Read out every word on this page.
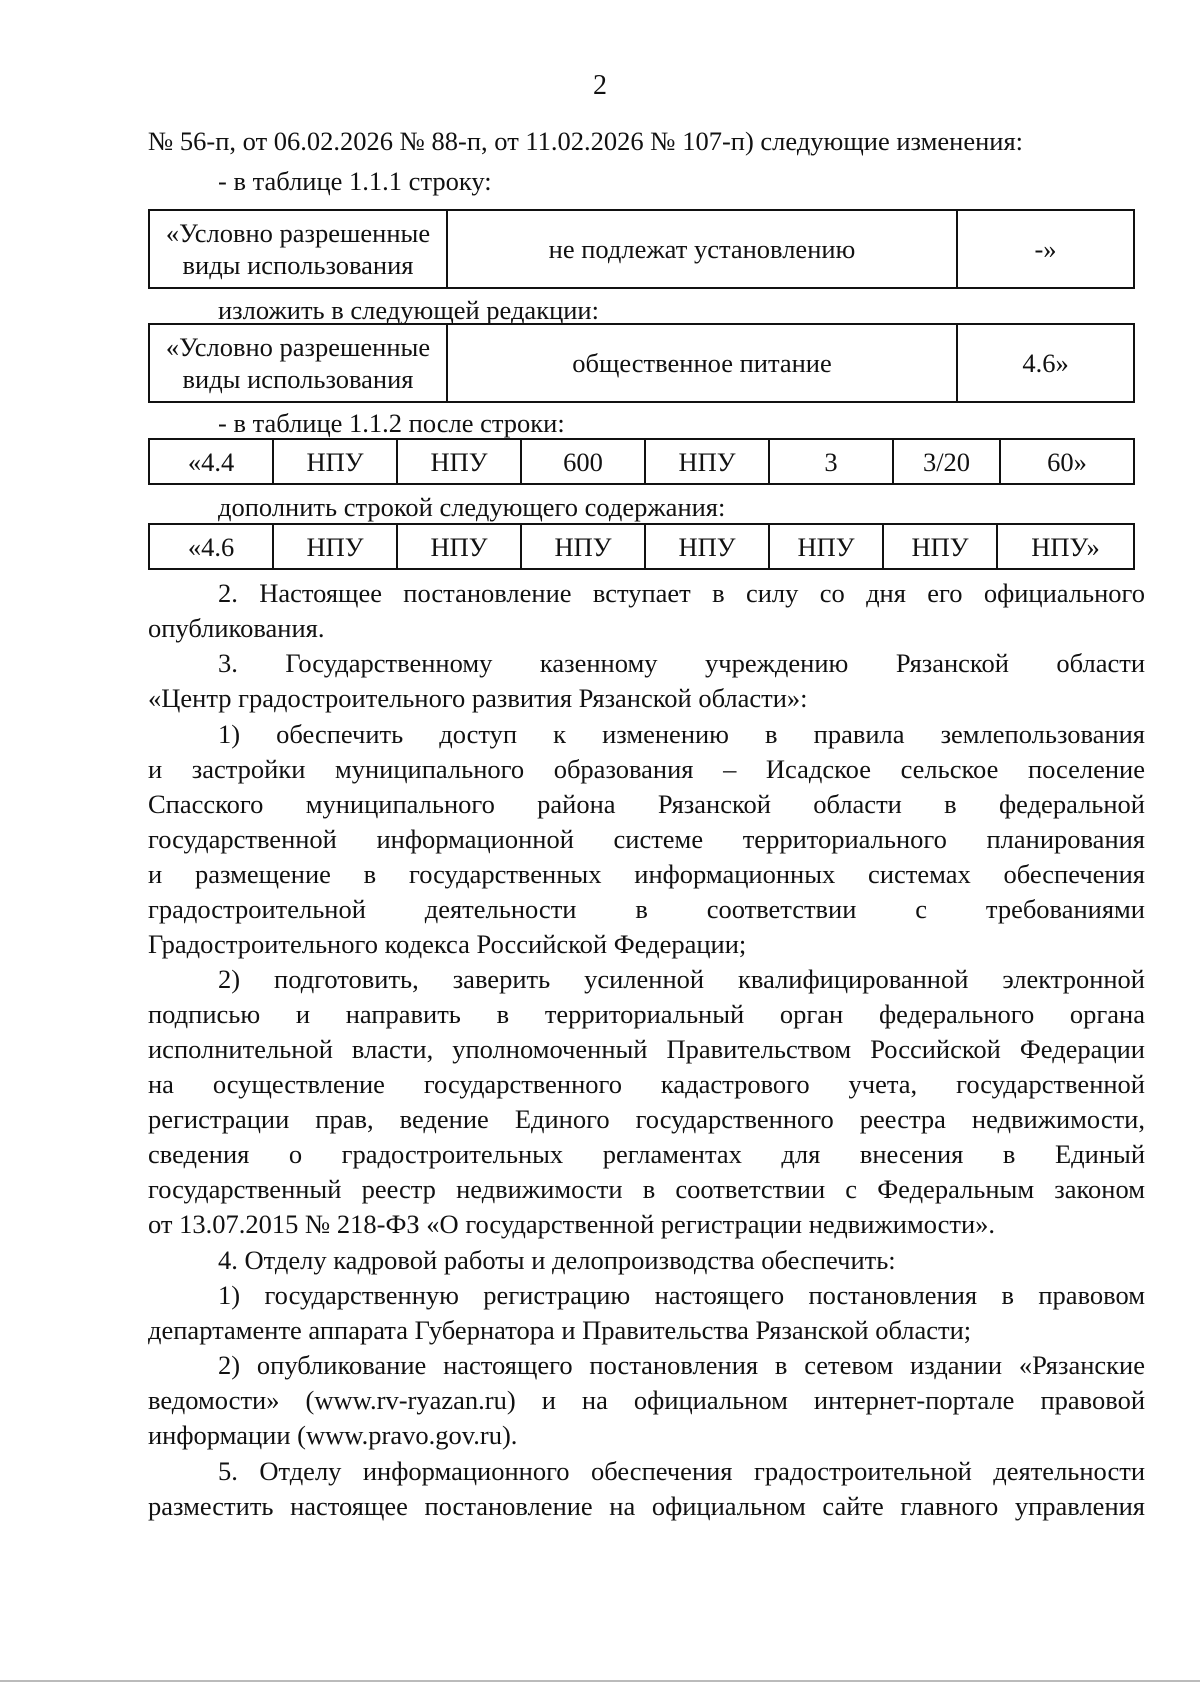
2
№ 56-п, от 06.02.2026 № 88-п, от 11.02.2026 № 107-п) следующие изменения:
- в таблице 1.1.1 строку:
«Условно разрешенные
виды использования
	не подлежат установлению	-»
изложить в следующей редакции:
«Условно разрешенные
виды использования
	общественное питание	4.6»
- в таблице 1.1.2 после строки:
«4.4	НПУ	НПУ	600	НПУ	3	3/20	60»
дополнить строкой следующего содержания:
«4.6	НПУ	НПУ	НПУ	НПУ	НПУ	НПУ	НПУ»
2. Настоящее постановление вступает в силу со дня его официального
опубликования.
3. Государственному казенному учреждению Рязанской области
«Центр градостроительного развития Рязанской области»:
1) обеспечить доступ к изменению в правила землепользования
и застройки муниципального образования – Исадское сельское поселение
Спасского муниципального района Рязанской области в федеральной
государственной информационной системе территориального планирования
и размещение в государственных информационных системах обеспечения
градостроительной деятельности в соответствии с требованиями
Градостроительного кодекса Российской Федерации;
2) подготовить, заверить усиленной квалифицированной электронной
подписью и направить в территориальный орган федерального органа
исполнительной власти, уполномоченный Правительством Российской Федерации
на осуществление государственного кадастрового учета, государственной
регистрации прав, ведение Единого государственного реестра недвижимости,
сведения о градостроительных регламентах для внесения в Единый
государственный реестр недвижимости в соответствии с Федеральным законом
от 13.07.2015 № 218-ФЗ «О государственной регистрации недвижимости».
4. Отделу кадровой работы и делопроизводства обеспечить:
1) государственную регистрацию настоящего постановления в правовом
департаменте аппарата Губернатора и Правительства Рязанской области;
2) опубликование настоящего постановления в сетевом издании «Рязанские
ведомости» (www.rv-ryazan.ru) и на официальном интернет-портале правовой
информации (www.pravo.gov.ru).
5. Отделу информационного обеспечения градостроительной деятельности
разместить настоящее постановление на официальном сайте главного управления
